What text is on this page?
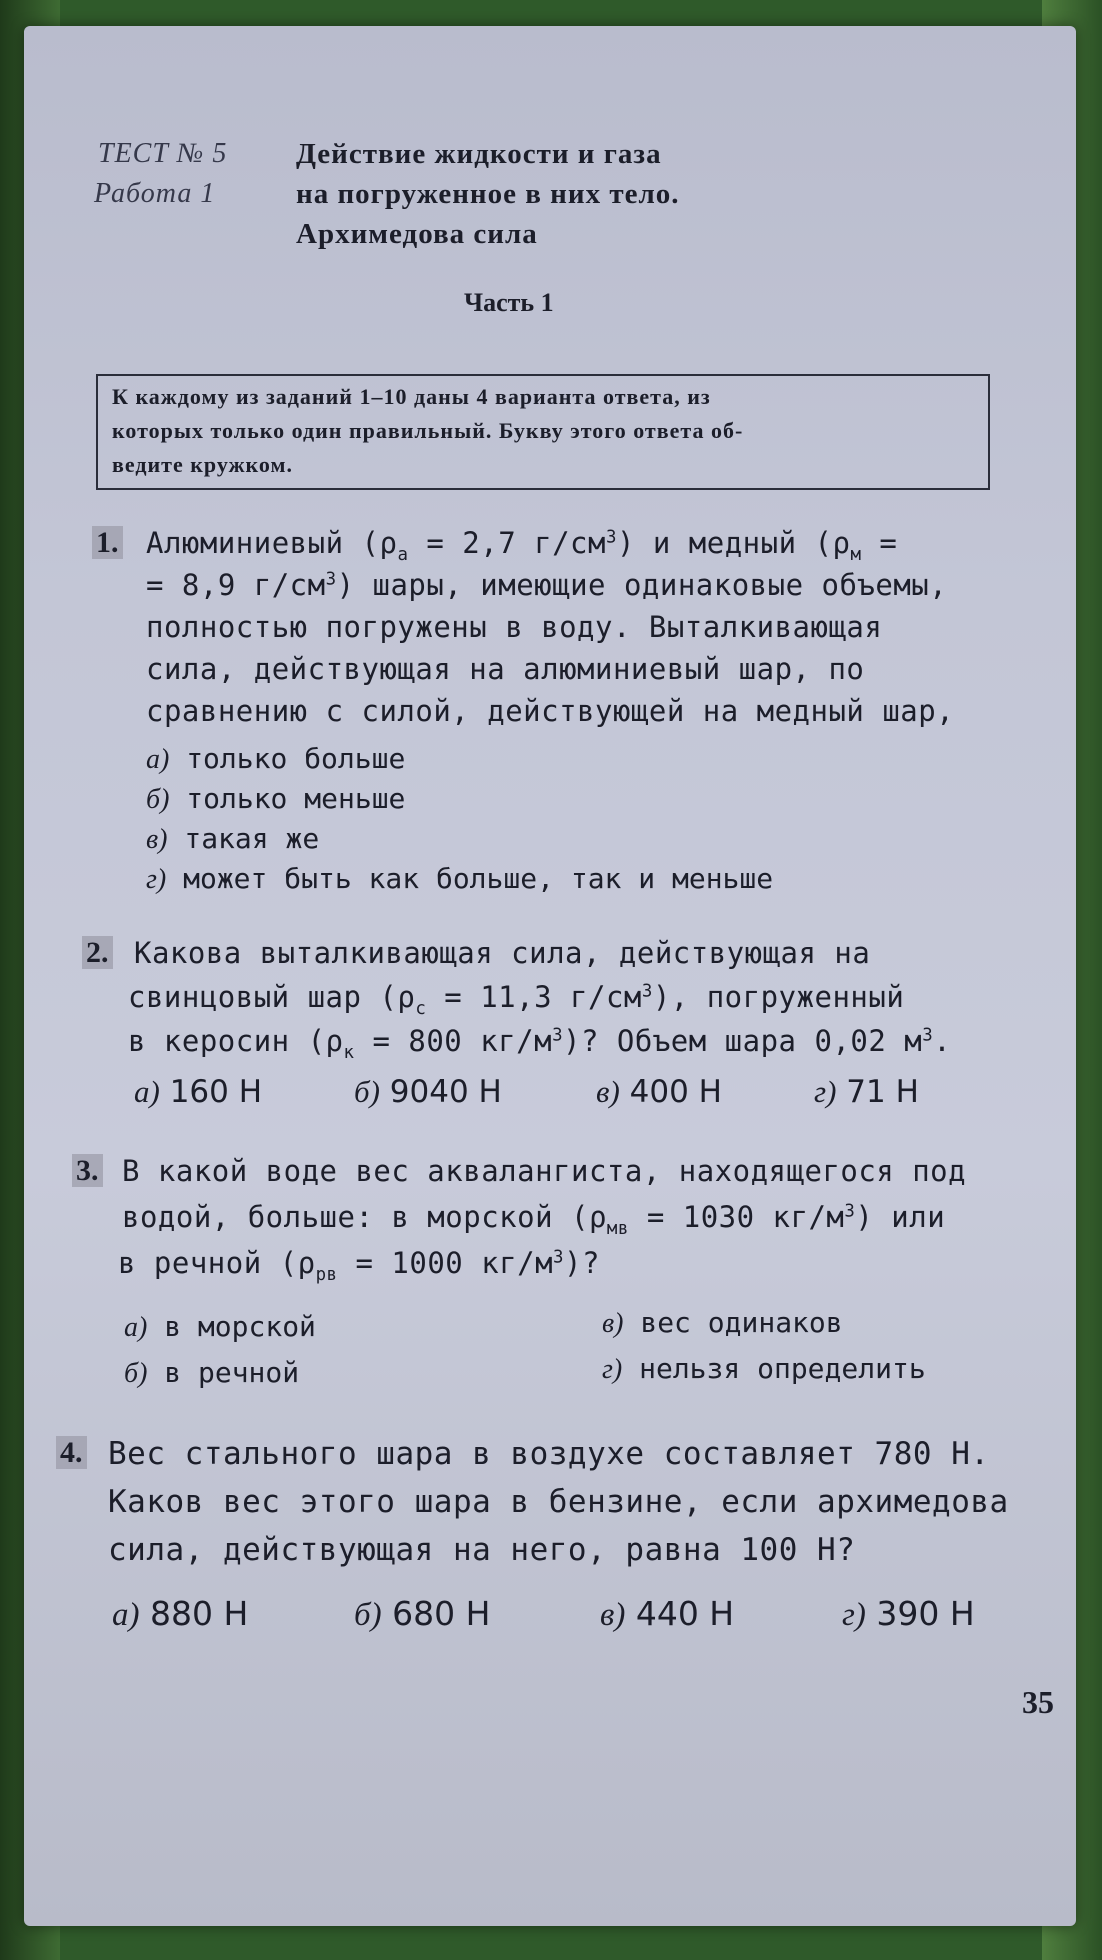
ТЕСТ № 5
Работа 1
Действие жидкости и газа
на погруженное в них тело.
Архимедова сила
Часть 1
К каждому из заданий 1–10 даны 4 варианта ответа, из
которых только один правильный. Букву этого ответа об-
ведите кружком.
1. Алюминиевый ($\rho_а = 2,7$ $г/см^3$) и медный ($\rho_м$ =
= 8,9 $г/см^3$) шары, имеющие одинаковые объемы,
полностью погружены в воду. Выталкивающая
сила, действующая на алюминиевый шар, по
сравнению с силой, действующей на медный шар,
а) только больше
б) только меньше
в) такая же
г) может быть как больше, так и меньше
2. Какова выталкивающая сила, действующая на
свинцовый шар ($\rho_с = 11,3$ $г/см^3$), погруженный
в керосин ($\rho_к = 800$ $кг/м^3$)? Объем шара 0,02 $м^3$.
а) 160 Н	б) 9040 Н	в) 400 Н	г) 71 Н
3. В какой воде вес аквалангиста, находящегося под
водой, больше: в морской ($\rho_{мв} = 1030$ $кг/м^3$) или
в речной ($\rho_{рв} = 1000$ $кг/м^3$)?
а) в морской
б) в речной
в) вес одинаков
г) нельзя определить
4. Вес стального шара в воздухе составляет 780 Н.
Каков вес этого шара в бензине, если архимедова
сила, действующая на него, равна 100 Н?
а) 880 Н	б) 680 Н	в) 440 Н	г) 390 Н
35
